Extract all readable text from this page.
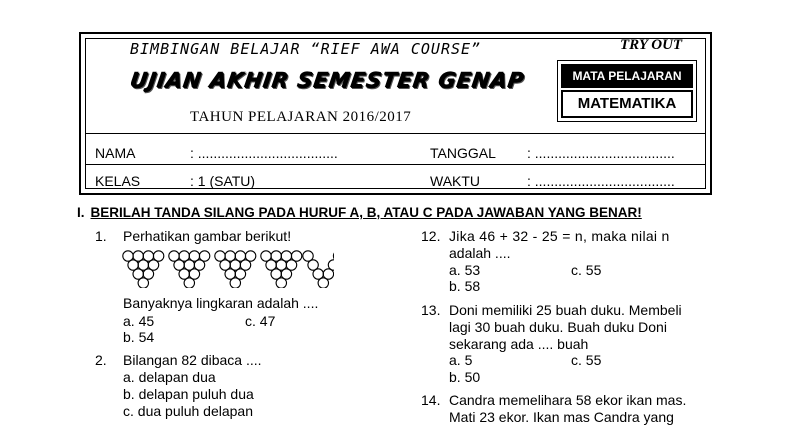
BIMBINGAN BELAJAR “RIEF AWA COURSE”	TRY OUT
UJIAN AKHIR SEMESTER GENAP
TAHUN PELAJARAN 2016/2017
MATA PELAJARAN
MATEMATIKA
NAMA	: ....................................	TANGGAL : ....................................
KELAS	: 1 (SATU)	WAKTU	: ....................................
I. BERILAH TANDA SILANG PADA HURUF A, B, ATAU C PADA JAWABAN YANG BENAR!
1. Perhatikan gambar berikut!
Banyaknya lingkaran adalah ....
a. 45	c. 47
b. 54
2. Bilangan 82 dibaca ....
a. delapan dua
b. delapan puluh dua
c. dua puluh delapan
12. Jika 46 + 32 - 25 = n, maka nilai n
adalah ....
a. 53	c. 55
b. 58
13. Doni memiliki 25 buah duku. Membeli
lagi 30 buah duku. Buah duku Doni
sekarang ada .... buah
a. 5	c. 55
b. 50
14. Candra memelihara 58 ekor ikan mas.
Mati 23 ekor. Ikan mas Candra yang
